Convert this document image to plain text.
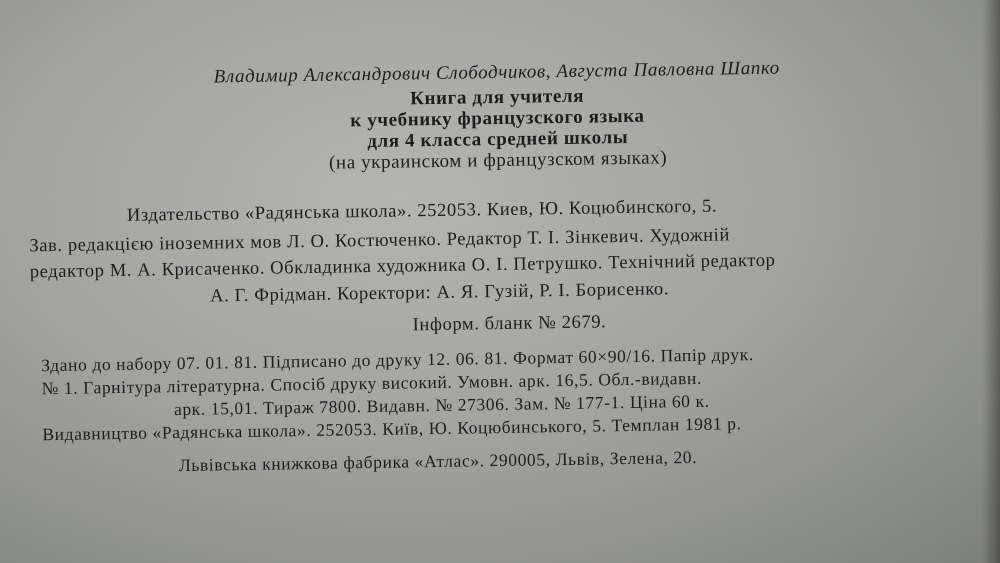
Владимир Александрович Слободчиков, Августа Павловна Шапко
Книга для учителя
к учебнику французского языка
для 4 класса средней школы
(на украинском и французском языках)
Издательство «Радянська школа». 252053. Киев, Ю. Коцюбинского, 5.
Зав. редакцією іноземних мов Л. О. Костюченко. Редактор Т. І. Зінкевич. Художній
редактор М. А. Крисаченко. Обкладинка художника О. І. Петрушко. Технічний редактор
А. Г. Фрідман. Коректори: А. Я. Гузій, Р. І. Борисенко.
Інформ. бланк № 2679.
Здано до набору 07. 01. 81. Підписано до друку 12. 06. 81. Формат 60×90/16. Папір друк.
№ 1. Гарнітура літературна. Спосіб друку високий. Умовн. арк. 16,5. Обл.-видавн.
арк. 15,01. Тираж 7800. Видавн. № 27306. Зам. № 177-1. Ціна 60 к.
Видавництво «Радянська школа». 252053. Київ, Ю. Коцюбинського, 5. Темплан 1981 р.
Львівська книжкова фабрика «Атлас». 290005, Львів, Зелена, 20.
